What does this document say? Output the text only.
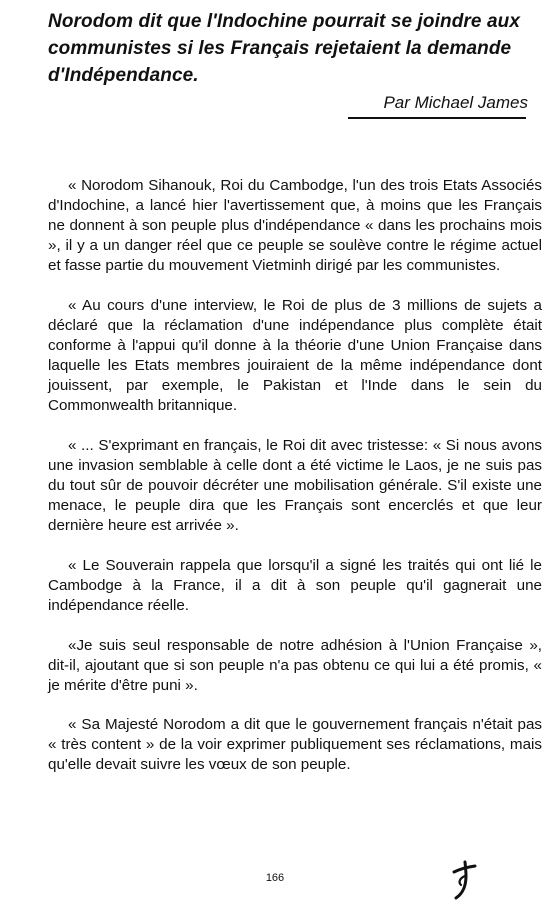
Norodom dit que l'Indochine pourrait se joindre aux communistes si les Français rejetaient la demande d'Indépendance.

Par Michael James

« Norodom Sihanouk, Roi du Cambodge, l'un des trois Etats Associés d'Indochine, a lancé hier l'avertissement que, à moins que les Français ne donnent à son peuple plus d'indépendance « dans les prochains mois », il y a un danger réel que ce peuple se soulève contre le régime actuel et fasse partie du mouvement Vietminh dirigé par les communistes.

« Au cours d'une interview, le Roi de plus de 3 millions de sujets a déclaré que la réclamation d'une indépendance plus complète était conforme à l'appui qu'il donne à la théorie d'une Union Française dans laquelle les Etats membres jouiraient de la même indépendance dont jouissent, par exemple, le Pakistan et l'Inde dans le sein du Commonwealth britannique.

« ... S'exprimant en français, le Roi dit avec tristesse: « Si nous avons une invasion semblable à celle dont a été victime le Laos, je ne suis pas du tout sûr de pouvoir décréter une mobilisation générale. S'il existe une menace, le peuple dira que les Français sont encerclés et que leur dernière heure est arrivée ».

« Le Souverain rappela que lorsqu'il a signé les traités qui ont lié le Cambodge à la France, il a dit à son peuple qu'il gagnerait une indépendance réelle.

«Je suis seul responsable de notre adhésion à l'Union Française », dit-il, ajoutant que si son peuple n'a pas obtenu ce qui lui a été promis, « je mérite d'être puni ».

« Sa Majesté Norodom a dit que le gouvernement français n'était pas « très content » de la voir exprimer publiquement ses réclamations, mais qu'elle devait suivre les vœux de son peuple.

166
